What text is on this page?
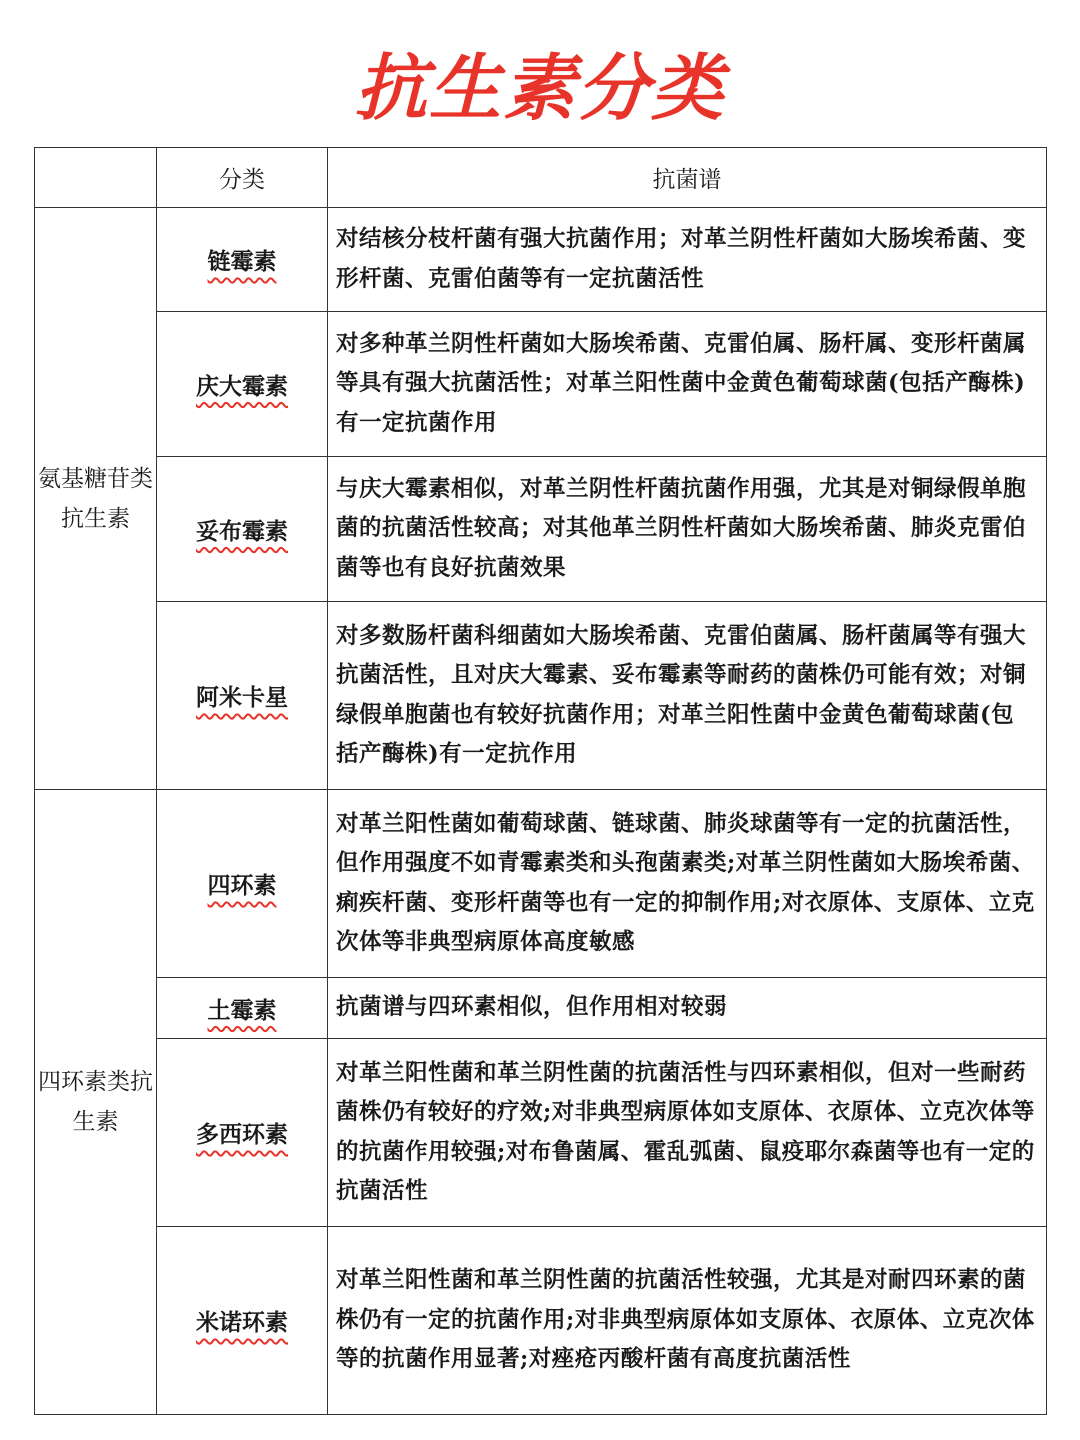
抗生素分类
	分类	抗菌谱
氨基糖苷类抗生素	链霉素	对结核分枝杆菌有强大抗菌作用；对革兰阴性杆菌如大肠埃希菌、变形杆菌、克雷伯菌等有一定抗菌活性
	庆大霉素	对多种革兰阴性杆菌如大肠埃希菌、克雷伯属、肠杆属、变形杆菌属等具有强大抗菌活性；对革兰阳性菌中金黄色葡萄球菌(包括产酶株)有一定抗菌作用
	妥布霉素	与庆大霉素相似，对革兰阴性杆菌抗菌作用强，尤其是对铜绿假单胞菌的抗菌活性较高；对其他革兰阴性杆菌如大肠埃希菌、肺炎克雷伯菌等也有良好抗菌效果
	阿米卡星	对多数肠杆菌科细菌如大肠埃希菌、克雷伯菌属、肠杆菌属等有强大抗菌活性，且对庆大霉素、妥布霉素等耐药的菌株仍可能有效；对铜绿假单胞菌也有较好抗菌作用；对革兰阳性菌中金黄色葡萄球菌(包括产酶株)有一定抗作用
四环素类抗生素	四环素	对革兰阳性菌如葡萄球菌、链球菌、肺炎球菌等有一定的抗菌活性，但作用强度不如青霉素类和头孢菌素类;对革兰阴性菌如大肠埃希菌、痢疾杆菌、变形杆菌等也有一定的抑制作用;对衣原体、支原体、立克次体等非典型病原体高度敏感
	土霉素	抗菌谱与四环素相似，但作用相对较弱
	多西环素	对革兰阳性菌和革兰阴性菌的抗菌活性与四环素相似，但对一些耐药菌株仍有较好的疗效;对非典型病原体如支原体、衣原体、立克次体等的抗菌作用较强;对布鲁菌属、霍乱弧菌、鼠疫耶尔森菌等也有一定的抗菌活性
	米诺环素	对革兰阳性菌和革兰阴性菌的抗菌活性较强，尤其是对耐四环素的菌株仍有一定的抗菌作用;对非典型病原体如支原体、衣原体、立克次体等的抗菌作用显著;对痤疮丙酸杆菌有高度抗菌活性
